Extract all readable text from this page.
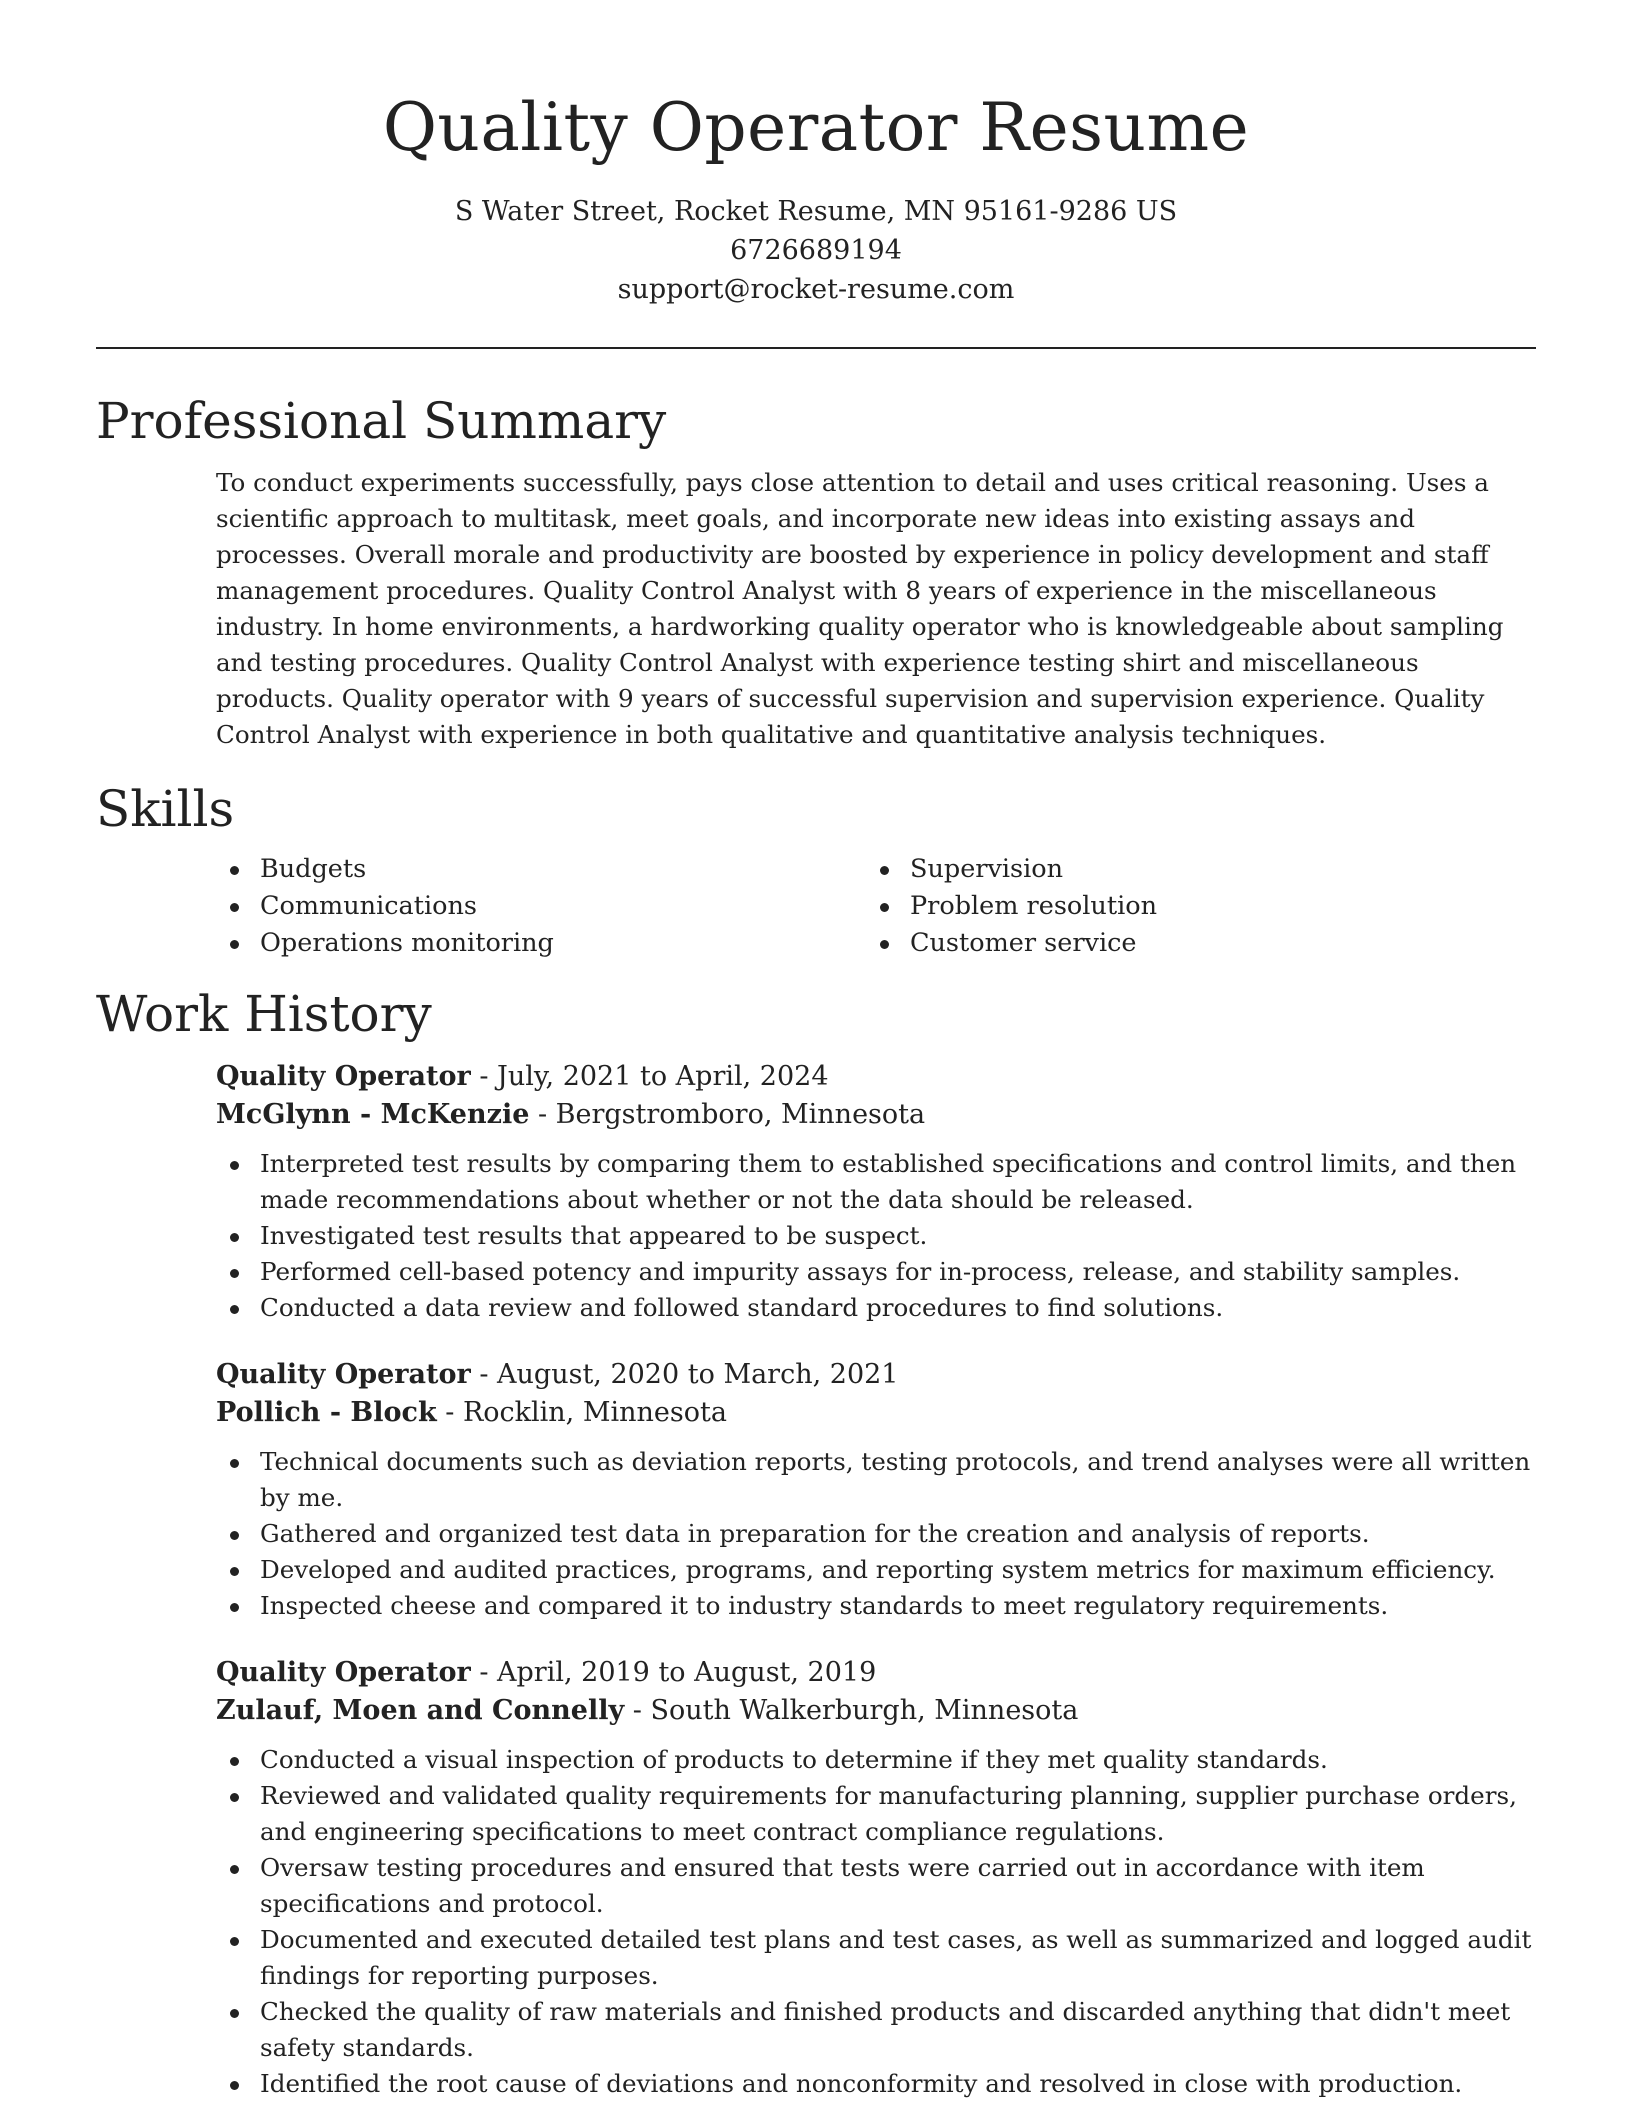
Quality Operator Resume
S Water Street, Rocket Resume, MN 95161-9286 US
6726689194
support@rocket-resume.com
Professional Summary

To conduct experiments successfully, pays close attention to detail and uses critical reasoning. Uses a scientific approach to multitask, meet goals, and incorporate new ideas into existing assays and processes. Overall morale and productivity are boosted by experience in policy development and staff management procedures. Quality Control Analyst with 8 years of experience in the miscellaneous industry. In home environments, a hardworking quality operator who is knowledgeable about sampling and testing procedures. Quality Control Analyst with experience testing shirt and miscellaneous products. Quality operator with 9 years of successful supervision and supervision experience. Quality Control Analyst with experience in both qualitative and quantitative analysis techniques.

Skills
Budgets
Communications
Operations monitoring
Supervision
Problem resolution
Customer service
Work History
Quality Operator - July, 2021 to April, 2024
McGlynn - McKenzie - Bergstromboro, Minnesota
Interpreted test results by comparing them to established specifications and control limits, and then made recommendations about whether or not the data should be released.
Investigated test results that appeared to be suspect.
Performed cell-based potency and impurity assays for in-process, release, and stability samples.
Conducted a data review and followed standard procedures to find solutions.
Quality Operator - August, 2020 to March, 2021
Pollich - Block - Rocklin, Minnesota
Technical documents such as deviation reports, testing protocols, and trend analyses were all written by me.
Gathered and organized test data in preparation for the creation and analysis of reports.
Developed and audited practices, programs, and reporting system metrics for maximum efficiency.
Inspected cheese and compared it to industry standards to meet regulatory requirements.
Quality Operator - April, 2019 to August, 2019
Zulauf, Moen and Connelly - South Walkerburgh, Minnesota
Conducted a visual inspection of products to determine if they met quality standards.
Reviewed and validated quality requirements for manufacturing planning, supplier purchase orders, and engineering specifications to meet contract compliance regulations.
Oversaw testing procedures and ensured that tests were carried out in accordance with item specifications and protocol.
Documented and executed detailed test plans and test cases, as well as summarized and logged audit findings for reporting purposes.
Checked the quality of raw materials and finished products and discarded anything that didn't meet safety standards.
Identified the root cause of deviations and nonconformity and resolved in close with production.
